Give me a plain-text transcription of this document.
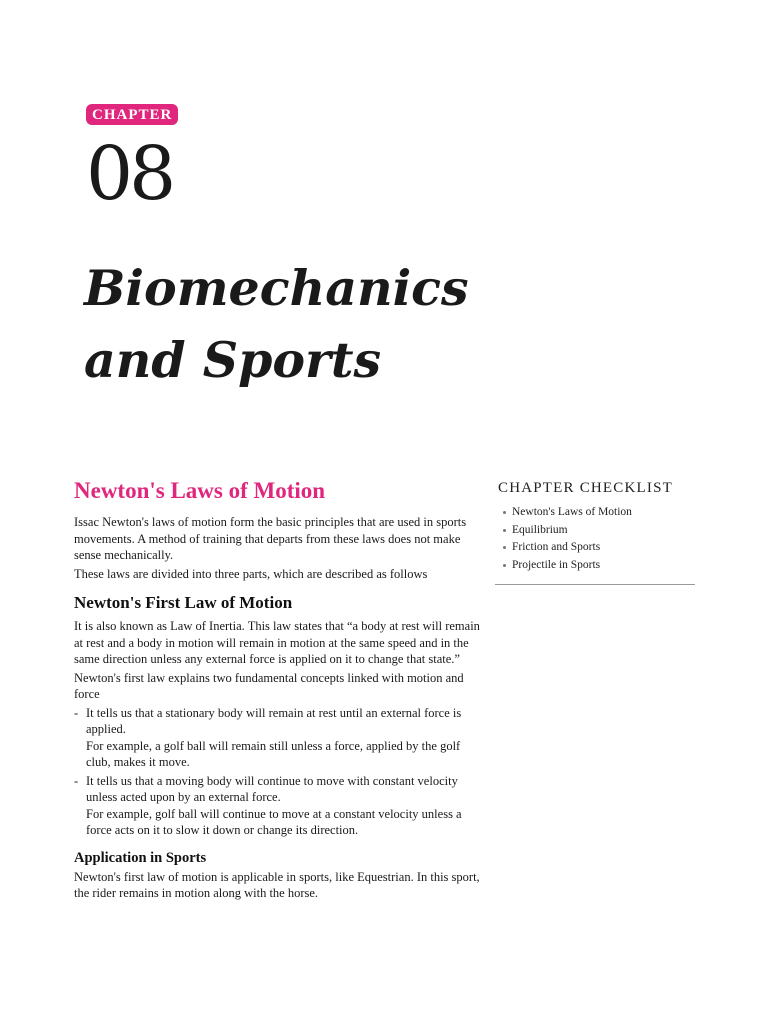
CHAPTER
08
Biomechanics
and Sports
Newton's Laws of Motion

Issac Newton's laws of motion form the basic principles that are used in sports movements. A method of training that departs from these laws does not make sense mechanically.

These laws are divided into three parts, which are described as follows

Newton's First Law of Motion

It is also known as Law of Inertia. This law states that “a body at rest will remain at rest and a body in motion will remain in motion at the same speed and in the same direction unless any external force is applied on it to change that state.”

Newton's first law explains two fundamental concepts linked with motion and force

- It tells us that a stationary body will remain at rest until an external force is applied.
For example, a golf ball will remain still unless a force, applied by the golf club, makes it move.
- It tells us that a moving body will continue to move with constant velocity unless acted upon by an external force.
For example, golf ball will continue to move at a constant velocity unless a force acts on it to slow it down or change its direction.
Application in Sports

Newton's first law of motion is applicable in sports, like Equestrian. In this sport, the rider remains in motion along with the horse.

CHAPTER CHECKLIST
Newton's Laws of Motion
Equilibrium
Friction and Sports
Projectile in Sports
